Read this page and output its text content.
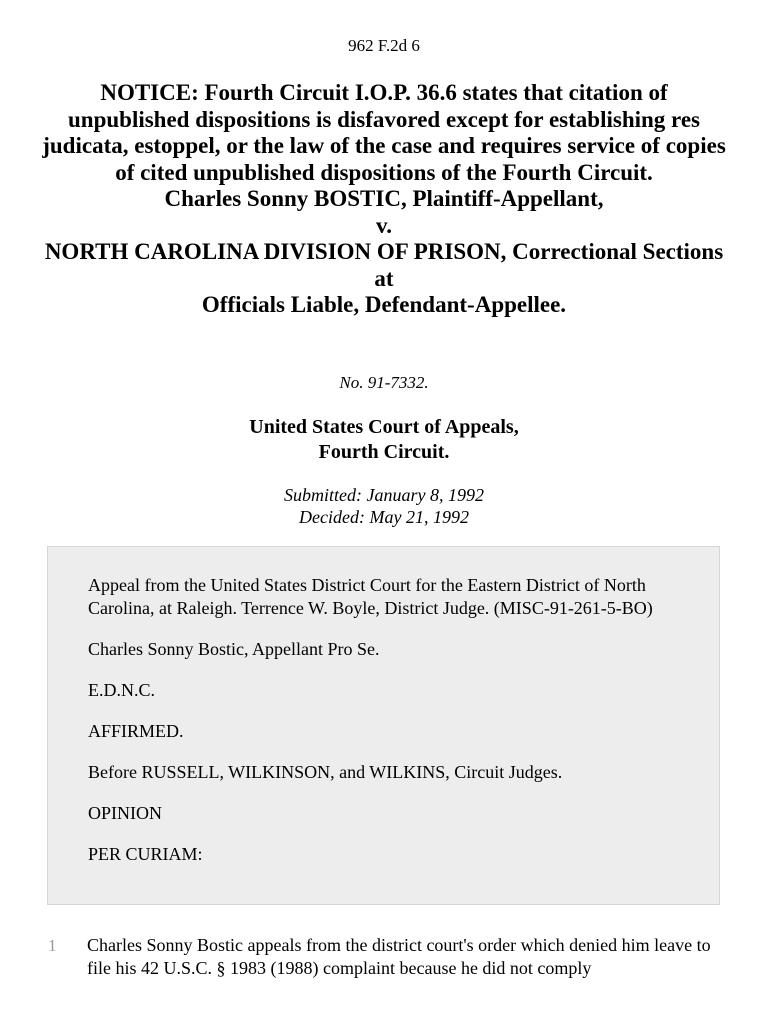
962 F.2d 6
NOTICE: Fourth Circuit I.O.P. 36.6 states that citation of unpublished dispositions is disfavored except for establishing res judicata, estoppel, or the law of the case and requires service of copies of cited unpublished dispositions of the Fourth Circuit.
Charles Sonny BOSTIC, Plaintiff-Appellant,
v.
NORTH CAROLINA DIVISION OF PRISON, Correctional Sections at
Officials Liable, Defendant-Appellee.
No. 91-7332.
United States Court of Appeals,
Fourth Circuit.
Submitted: January 8, 1992
Decided: May 21, 1992

Appeal from the United States District Court for the Eastern District of North Carolina, at Raleigh. Terrence W. Boyle, District Judge. (MISC-91-261-5-BO)

Charles Sonny Bostic, Appellant Pro Se.

E.D.N.C.

AFFIRMED.

Before RUSSELL, WILKINSON, and WILKINS, Circuit Judges.

OPINION

PER CURIAM:

1 Charles Sonny Bostic appeals from the district court's order which denied him leave to file his 42 U.S.C. § 1983 (1988) complaint because he did not comply
